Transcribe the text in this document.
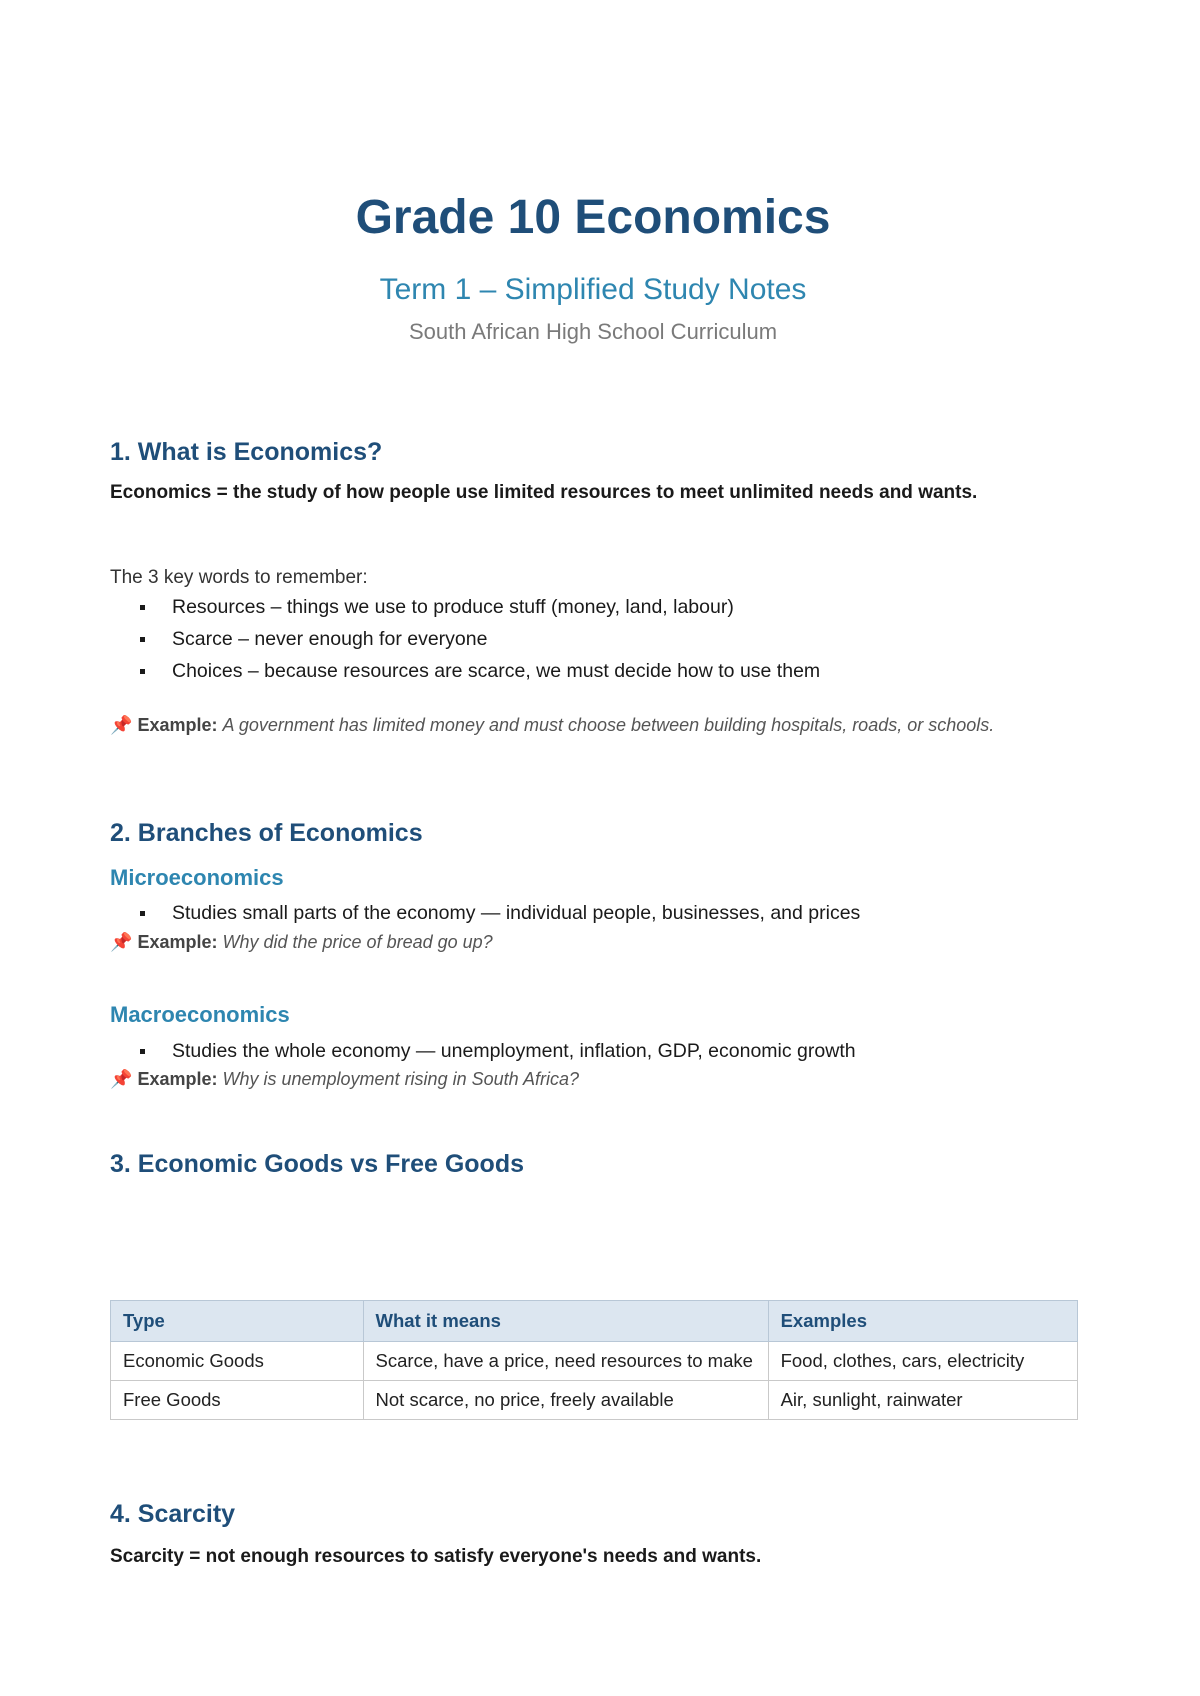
Grade 10 Economics
Term 1 – Simplified Study Notes
South African High School Curriculum
1. What is Economics?
Economics = the study of how people use limited resources to meet unlimited needs and wants.
The 3 key words to remember:
Resources – things we use to produce stuff (money, land, labour)
Scarce – never enough for everyone
Choices – because resources are scarce, we must decide how to use them
📌 Example: A government has limited money and must choose between building hospitals, roads, or schools.
2. Branches of Economics
Microeconomics
Studies small parts of the economy — individual people, businesses, and prices
📌 Example: Why did the price of bread go up?
Macroeconomics
Studies the whole economy — unemployment, inflation, GDP, economic growth
📌 Example: Why is unemployment rising in South Africa?
3. Economic Goods vs Free Goods
Type	What it means	Examples
Economic Goods	Scarce, have a price, need resources to make	Food, clothes, cars, electricity
Free Goods	Not scarce, no price, freely available	Air, sunlight, rainwater
4. Scarcity
Scarcity = not enough resources to satisfy everyone's needs and wants.
